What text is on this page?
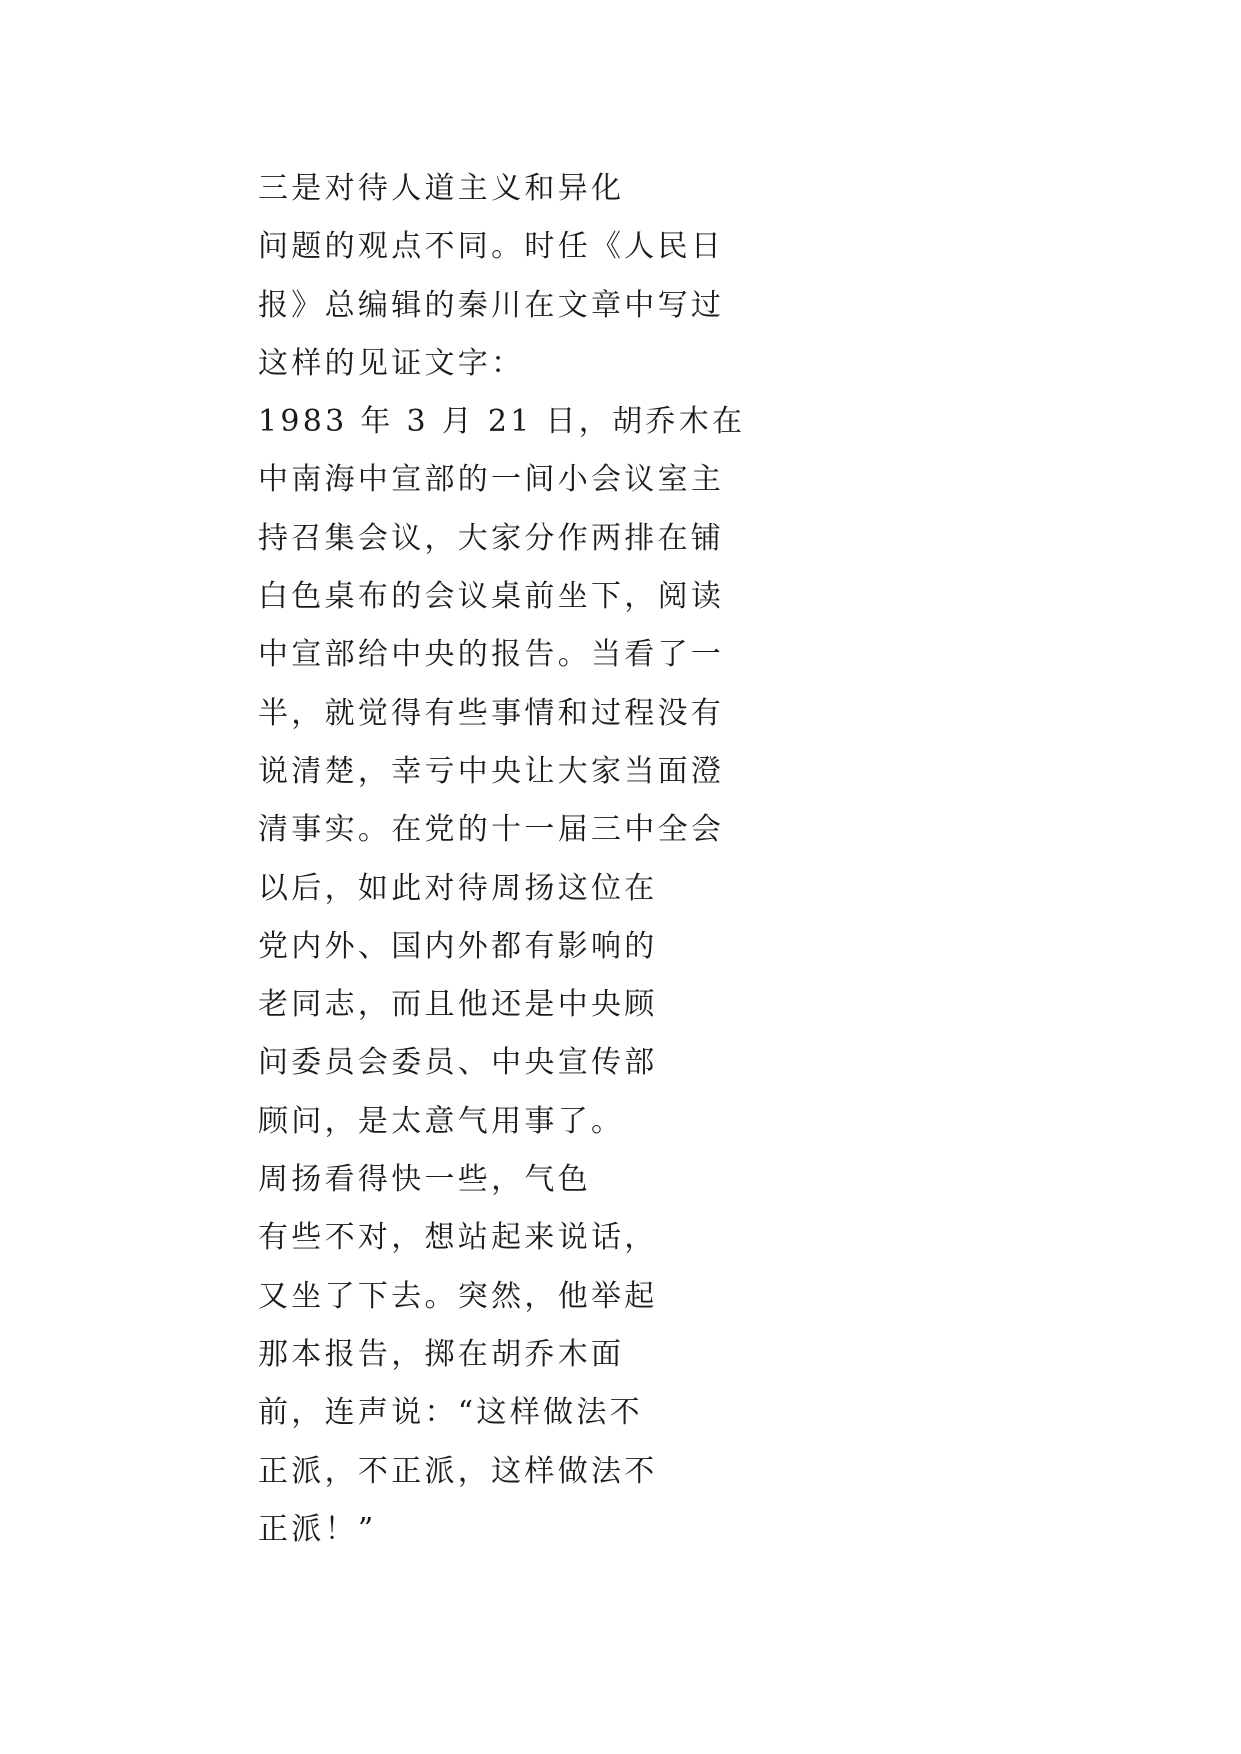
三是对待人道主义和异化
问题的观点不同。时任《人民日
报》总编辑的秦川在文章中写过
这样的见证文字：
1983 年 3 月 21 日，胡乔木在
中南海中宣部的一间小会议室主
持召集会议，大家分作两排在铺
白色桌布的会议桌前坐下，阅读
中宣部给中央的报告。当看了一
半，就觉得有些事情和过程没有
说清楚，幸亏中央让大家当面澄
清事实。在党的十一届三中全会
以后，如此对待周扬这位在
党内外、国内外都有影响的
老同志，而且他还是中央顾
问委员会委员、中央宣传部
顾问，是太意气用事了。
周扬看得快一些，气色
有些不对，想站起来说话，
又坐了下去。突然，他举起
那本报告，掷在胡乔木面
前，连声说：“这样做法不
正派，不正派，这样做法不
正派！”
